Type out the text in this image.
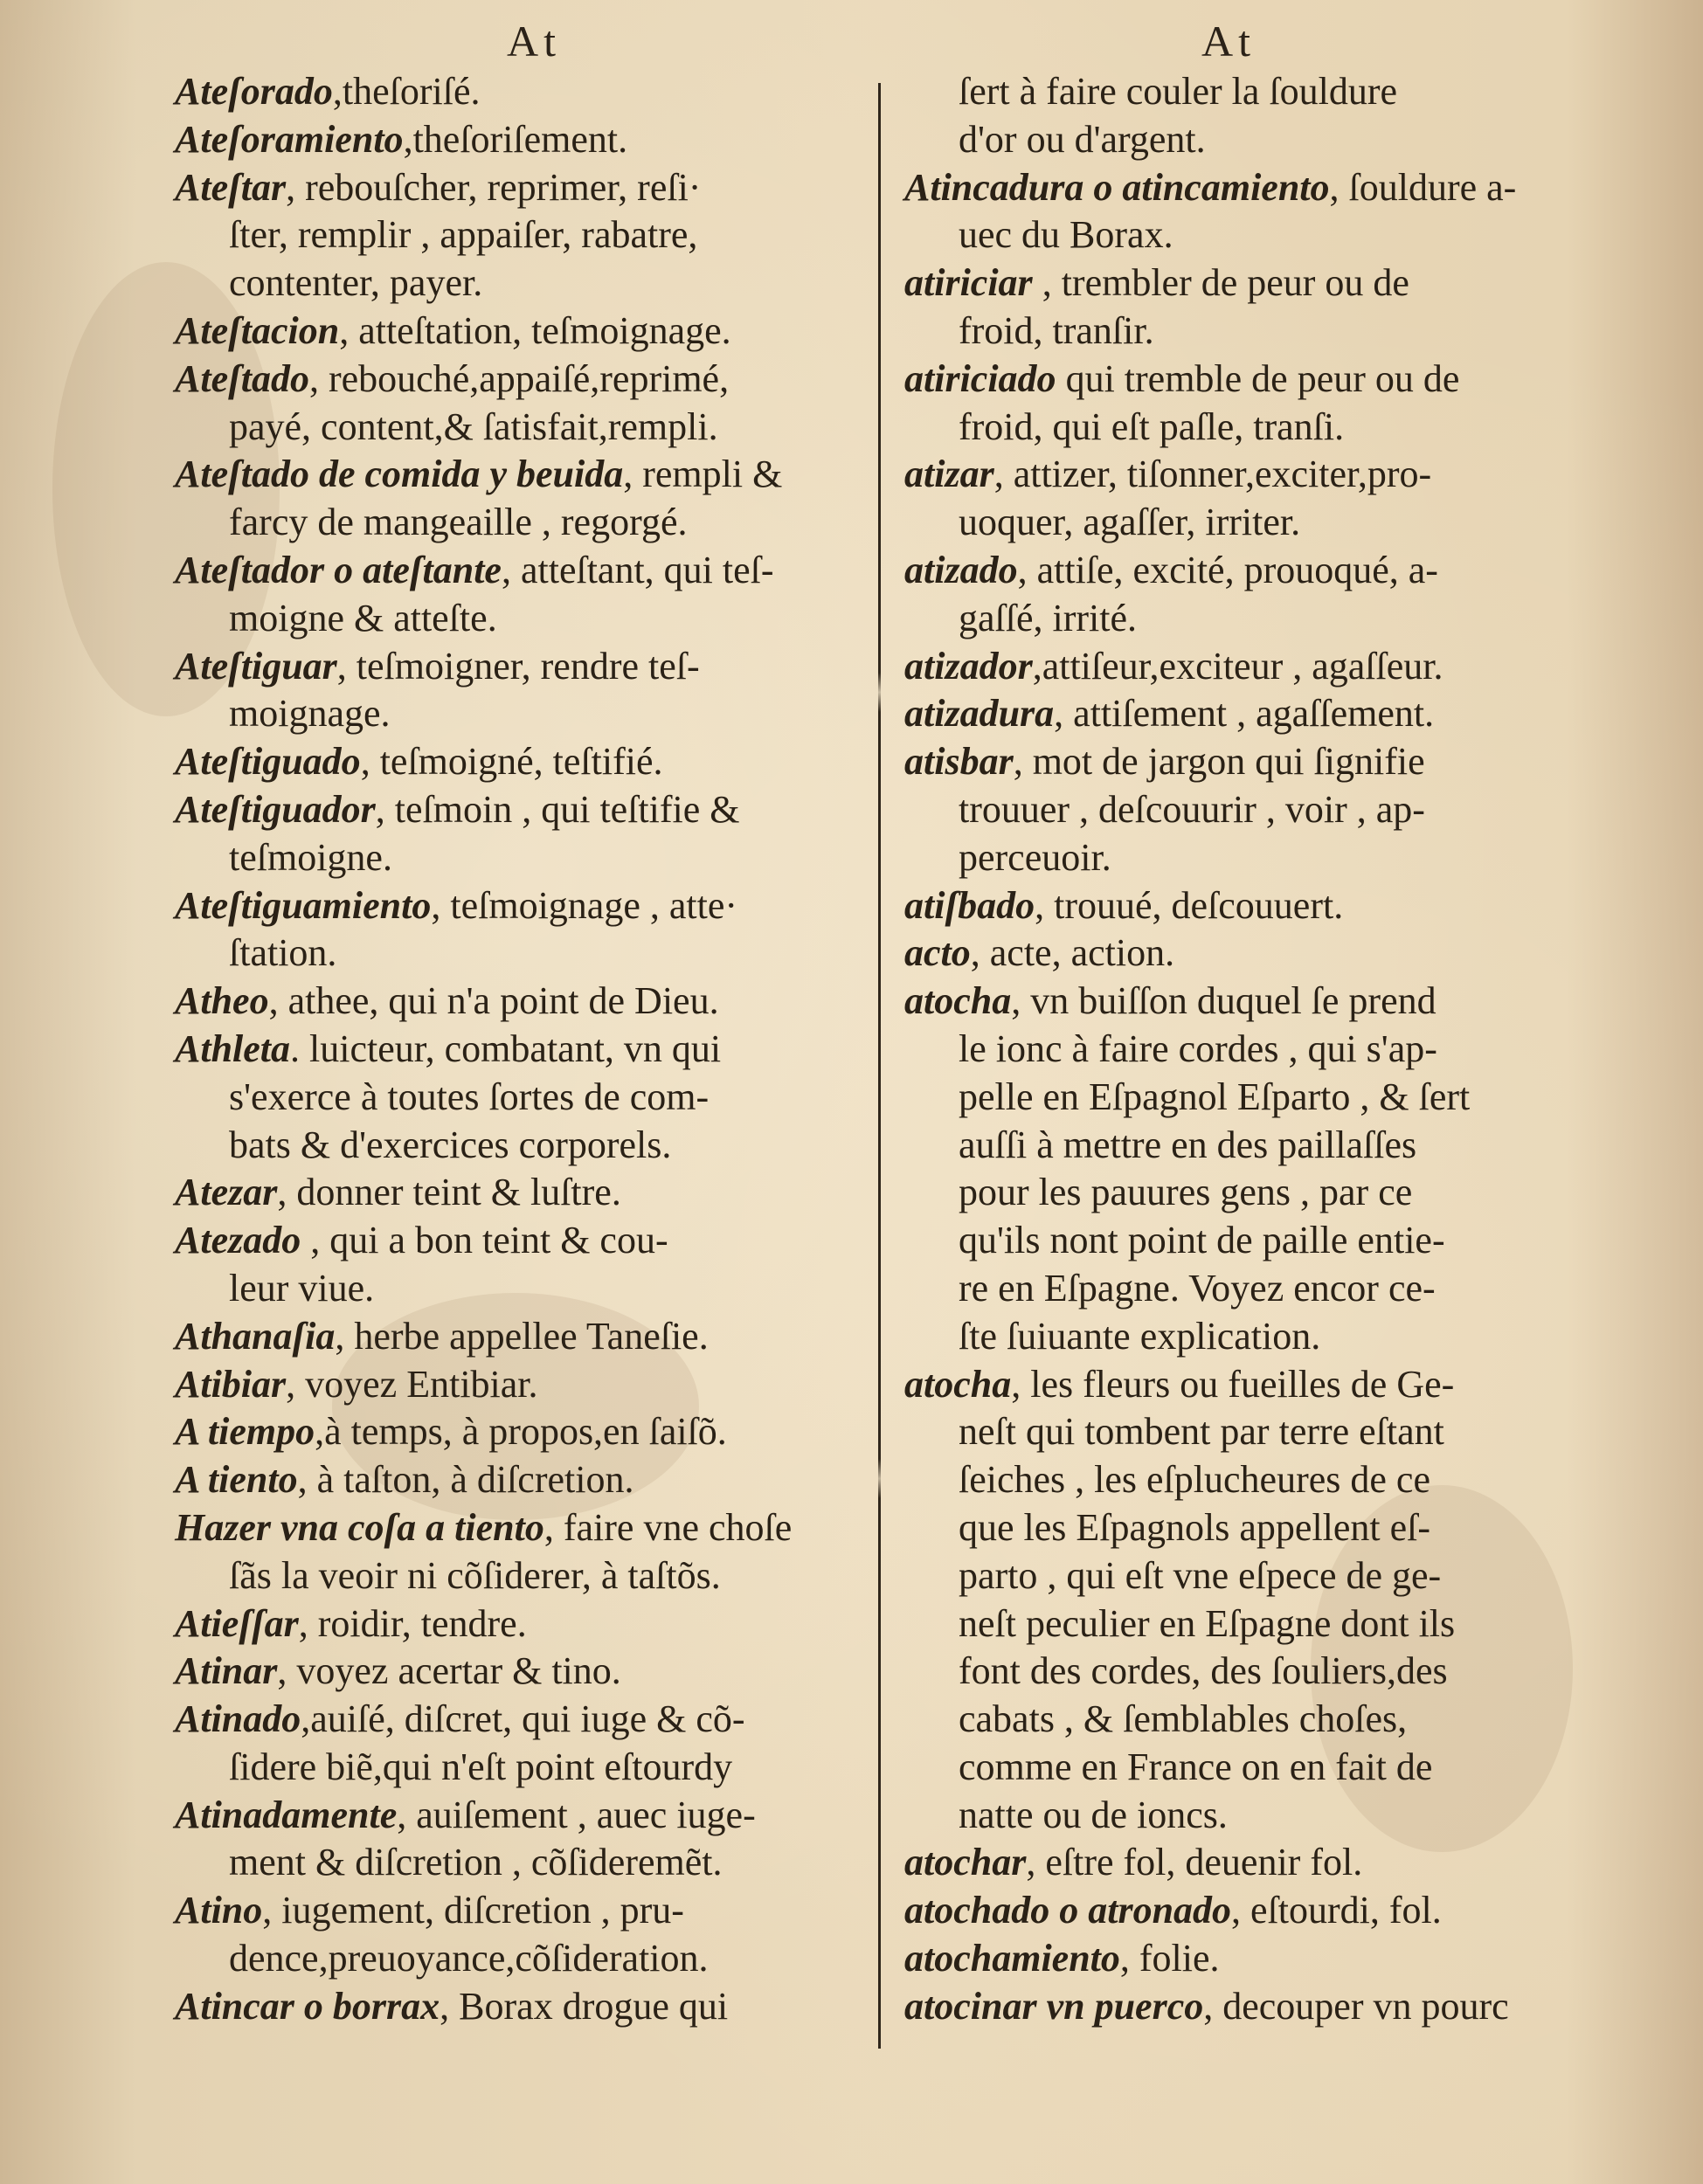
At	At
Ateſorado,theſoriſé.
Ateſoramiento,theſoriſement.
Ateſtar, rebouſcher, reprimer, reſi·
ſter, remplir , appaiſer, rabatre,
contenter, payer.
Ateſtacion, atteſtation, teſmoignage.
Ateſtado, rebouché,appaiſé,reprimé,
payé, content,& ſatisfait,rempli.
Ateſtado de comida y beuida, rempli &
farcy de mangeaille , regorgé.
Ateſtador o ateſtante, atteſtant, qui teſ-
moigne & atteſte.
Ateſtiguar, teſmoigner, rendre teſ-
moignage.
Ateſtiguado, teſmoigné, teſtifié.
Ateſtiguador, teſmoin , qui teſtifie &
teſmoigne.
Ateſtiguamiento, teſmoignage , atte·
ſtation.
Atheo, athee, qui n'a point de Dieu.
Athleta. luicteur, combatant, vn qui
s'exerce à toutes ſortes de com-
bats & d'exercices corporels.
Atezar, donner teint & luſtre.
Atezado , qui a bon teint & cou-
leur viue.
Athanaſia, herbe appellee Taneſie.
Atibiar, voyez Entibiar.
A tiempo,à temps, à propos,en ſaiſõ.
A tiento, à taſton, à diſcretion.
Hazer vna coſa a tiento, faire vne choſe
ſãs la veoir ni cõſiderer, à taſtõs.
Atieſſar, roidir, tendre.
Atinar, voyez acertar & tino.
Atinado,auiſé, diſcret, qui iuge & cõ-
ſidere biẽ,qui n'eſt point eſtourdy
Atinadamente, auiſement , auec iuge-
ment & diſcretion , cõſideremẽt.
Atino, iugement, diſcretion , pru-
dence,preuoyance,cõſideration.
Atincar o borrax, Borax drogue qui
ſert à faire couler la ſouldure
d'or ou d'argent.
Atincadura o atincamiento, ſouldure a-
uec du Borax.
atiriciar , trembler de peur ou de
froid, tranſir.
atiriciado qui tremble de peur ou de
froid, qui eſt paſle, tranſi.
atizar, attizer, tiſonner,exciter,pro-
uoquer, agaſſer, irriter.
atizado, attiſe, excité, prouoqué, a-
gaſſé, irrité.
atizador,attiſeur,exciteur , agaſſeur.
atizadura, attiſement , agaſſement.
atisbar, mot de jargon qui ſignifie
trouuer , deſcouurir , voir , ap-
perceuoir.
atiſbado, trouué, deſcouuert.
acto, acte, action.
atocha, vn buiſſon duquel ſe prend
le ionc à faire cordes , qui s'ap-
pelle en Eſpagnol Eſparto , & ſert
auſſi à mettre en des paillaſſes
pour les pauures gens , par ce
qu'ils nont point de paille entie-
re en Eſpagne. Voyez encor ce-
ſte ſuiuante explication.
atocha, les fleurs ou fueilles de Ge-
neſt qui tombent par terre eſtant
ſeiches , les eſplucheures de ce
que les Eſpagnols appellent eſ-
parto , qui eſt vne eſpece de ge-
neſt peculier en Eſpagne dont ils
font des cordes, des ſouliers,des
cabats , & ſemblables choſes,
comme en France on en fait de
natte ou de ioncs.
atochar, eſtre fol, deuenir fol.
atochado o atronado, eſtourdi, fol.
atochamiento, folie.
atocinar vn puerco, decouper vn pourc
